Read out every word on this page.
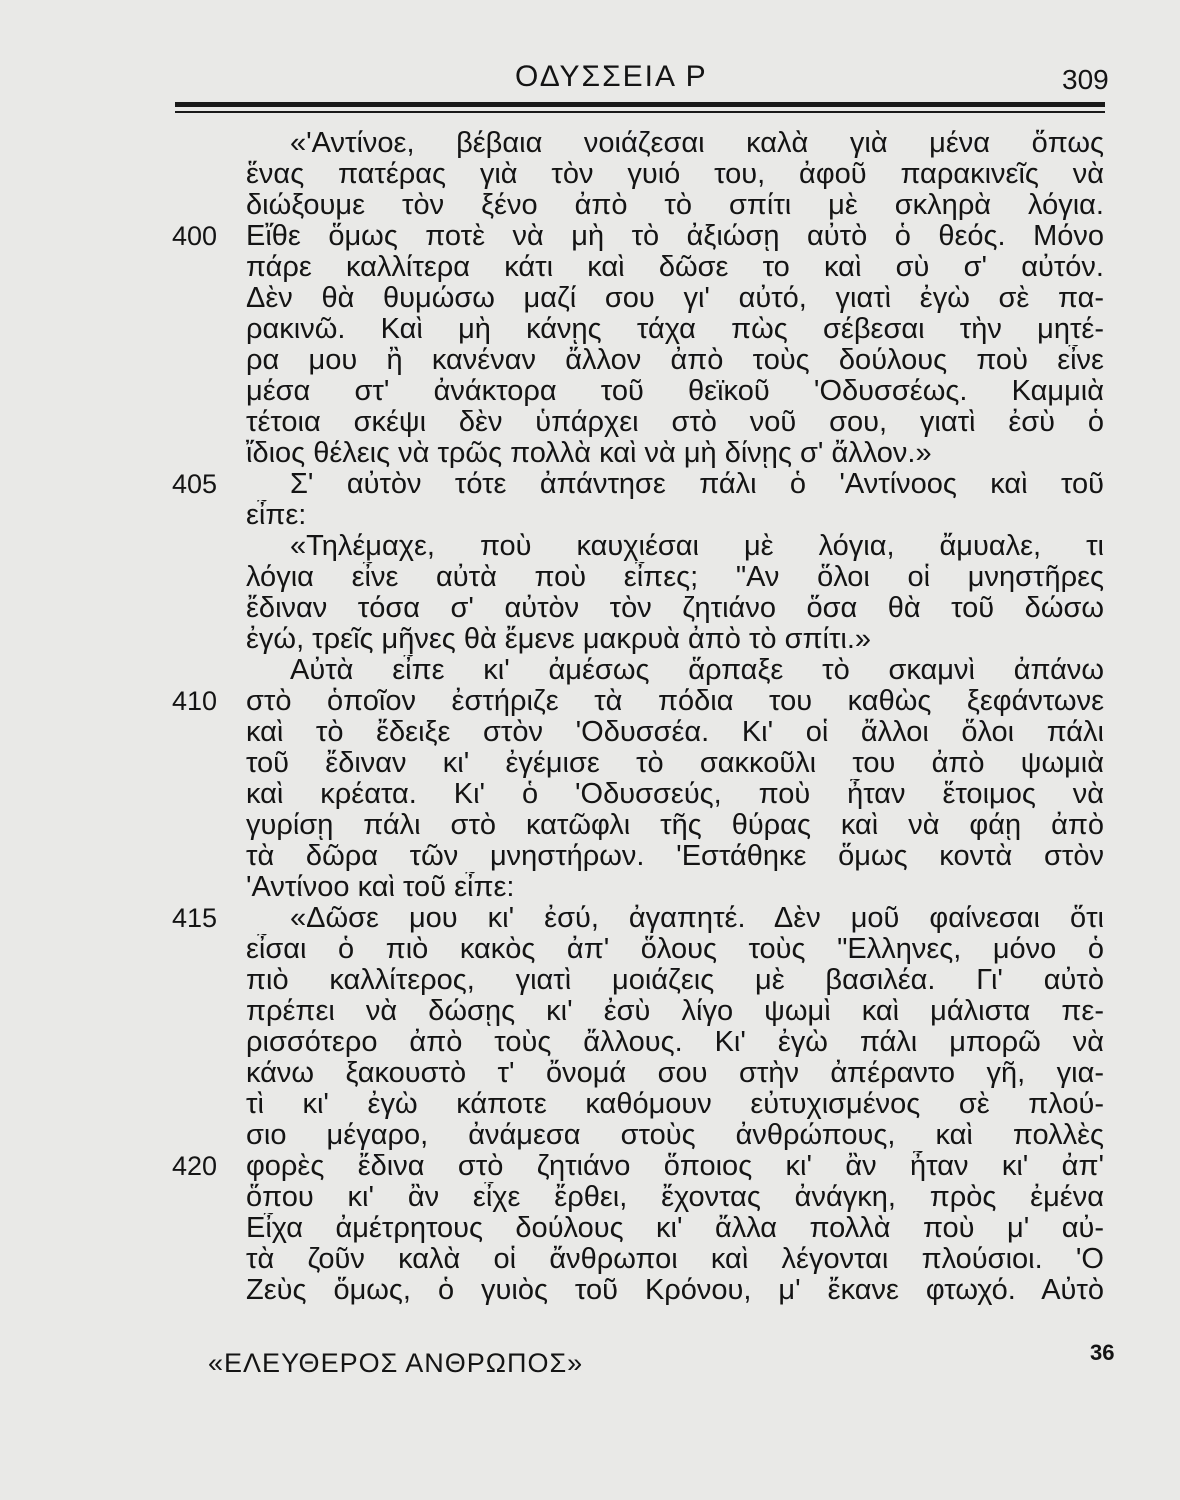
ΟΔΥΣΣΕΙΑ Ρ	309
«'Αντίνοε, βέβαια νοιάζεσαι καλὰ γιὰ μένα ὅπως
ἕνας πατέρας γιὰ τὸν γυιό του, ἀφοῦ παρακινεῖς νὰ
διώξουμε τὸν ξένο ἀπὸ τὸ σπίτι μὲ σκληρὰ λόγια.
400 Εἴθε ὅμως ποτὲ νὰ μὴ τὸ ἀξιώσῃ αὐτὸ ὁ θεός. Μόνο
πάρε καλλίτερα κάτι καὶ δῶσε το καὶ σὺ σ' αὐτόν.
Δὲν θὰ θυμώσω μαζί σου γι' αὐτό, γιατὶ ἐγὼ σὲ πα-
ρακινῶ. Καὶ μὴ κάνῃς τάχα πὼς σέβεσαι τὴν μητέ-
ρα μου ἢ κανέναν ἄλλον ἀπὸ τοὺς δούλους ποὺ εἶνε
μέσα στ' ἀνάκτορα τοῦ θεϊκοῦ 'Οδυσσέως. Καμμιὰ
τέτοια σκέψι δὲν ὑπάρχει στὸ νοῦ σου, γιατὶ ἐσὺ ὁ
ἴδιος θέλεις νὰ τρῶς πολλὰ καὶ νὰ μὴ δίνῃς σ' ἄλλον.»
405	Σ' αὐτὸν τότε ἀπάντησε πάλι ὁ 'Αντίνοος καὶ τοῦ
εἶπε:
«Τηλέμαχε, ποὺ καυχιέσαι μὲ λόγια, ἄμυαλε, τι
λόγια εἶνε αὐτὰ ποὺ εἶπες; "Αν ὅλοι οἱ μνηστῆρες
ἔδιναν τόσα σ' αὐτὸν τὸν ζητιάνο ὅσα θὰ τοῦ δώσω
ἐγώ, τρεῖς μῆνες θὰ ἔμενε μακρυὰ ἀπὸ τὸ σπίτι.»
Αὐτὰ εἶπε κι' ἀμέσως ἅρπαξε τὸ σκαμνὶ ἀπάνω
410 στὸ ὁποῖον ἐστήριζε τὰ πόδια του καθὼς ξεφάντωνε
καὶ τὸ ἔδειξε στὸν 'Οδυσσέα. Κι' οἱ ἄλλοι ὅλοι πάλι
τοῦ ἔδιναν κι' ἐγέμισε τὸ σακκοῦλι του ἀπὸ ψωμιὰ
καὶ κρέατα. Κι' ὁ 'Οδυσσεύς, ποὺ ἦταν ἕτοιμος νὰ
γυρίσῃ πάλι στὸ κατῶφλι τῆς θύρας καὶ νὰ φάῃ ἀπὸ
τὰ δῶρα τῶν μνηστήρων. 'Εστάθηκε ὅμως κοντὰ στὸν
'Αντίνοο καὶ τοῦ εἶπε:
415	«Δῶσε μου κι' ἐσύ, ἀγαπητέ. Δὲν μοῦ φαίνεσαι ὅτι
εἶσαι ὁ πιὸ κακὸς ἀπ' ὅλους τοὺς "Ελληνες, μόνο ὁ
πιὸ καλλίτερος, γιατὶ μοιάζεις μὲ βασιλέα. Γι' αὐτὸ
πρέπει νὰ δώσῃς κι' ἐσὺ λίγο ψωμὶ καὶ μάλιστα πε-
ρισσότερο ἀπὸ τοὺς ἄλλους. Κι' ἐγὼ πάλι μπορῶ νὰ
κάνω ξακουστὸ τ' ὄνομά σου στὴν ἀπέραντο γῆ, για-
τὶ κι' ἐγὼ κάποτε καθόμουν εὐτυχισμένος σὲ πλού-
σιο μέγαρο, ἀνάμεσα στοὺς ἀνθρώπους, καὶ πολλὲς
420 φορὲς ἔδινα στὸ ζητιάνο ὅποιος κι' ἂν ἦταν κι' ἀπ'
ὅπου κι' ἂν εἶχε ἔρθει, ἔχοντας ἀνάγκη, πρὸς ἐμένα
Εἶχα ἀμέτρητους δούλους κι' ἄλλα πολλὰ ποὺ μ' αὐ-
τὰ ζοῦν καλὰ οἱ ἄνθρωποι καὶ λέγονται πλούσιοι. 'Ο
Ζεὺς ὅμως, ὁ γυιὸς τοῦ Κρόνου, μ' ἔκανε φτωχό. Αὐτὸ
«ΕΛΕΥΘΕΡΟΣ ΑΝΘΡΩΠΟΣ»	36
